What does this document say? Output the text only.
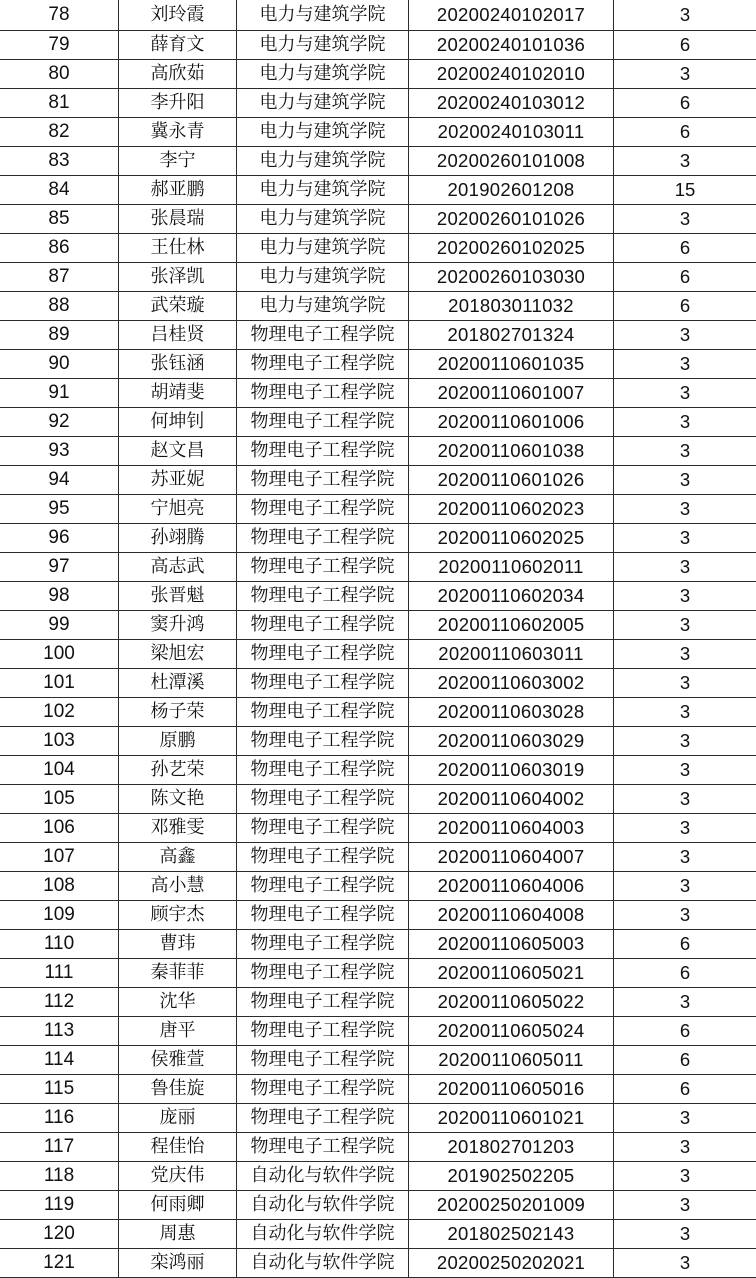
78	刘玲霞	电力与建筑学院	20200240102017	3
79	薛育文	电力与建筑学院	20200240101036	6
80	高欣茹	电力与建筑学院	20200240102010	3
81	李升阳	电力与建筑学院	20200240103012	6
82	冀永青	电力与建筑学院	20200240103011	6
83	李宁	电力与建筑学院	20200260101008	3
84	郝亚鹏	电力与建筑学院	201902601208	15
85	张晨瑞	电力与建筑学院	20200260101026	3
86	王仕林	电力与建筑学院	20200260102025	6
87	张泽凯	电力与建筑学院	20200260103030	6
88	武荣璇	电力与建筑学院	201803011032	6
89	吕桂贤	物理电子工程学院	201802701324	3
90	张钰涵	物理电子工程学院	20200110601035	3
91	胡靖斐	物理电子工程学院	20200110601007	3
92	何坤钊	物理电子工程学院	20200110601006	3
93	赵文昌	物理电子工程学院	20200110601038	3
94	苏亚妮	物理电子工程学院	20200110601026	3
95	宁旭亮	物理电子工程学院	20200110602023	3
96	孙翊腾	物理电子工程学院	20200110602025	3
97	高志武	物理电子工程学院	20200110602011	3
98	张晋魁	物理电子工程学院	20200110602034	3
99	窦升鸿	物理电子工程学院	20200110602005	3
100	梁旭宏	物理电子工程学院	20200110603011	3
101	杜潭溪	物理电子工程学院	20200110603002	3
102	杨子荣	物理电子工程学院	20200110603028	3
103	原鹏	物理电子工程学院	20200110603029	3
104	孙艺荣	物理电子工程学院	20200110603019	3
105	陈文艳	物理电子工程学院	20200110604002	3
106	邓雅雯	物理电子工程学院	20200110604003	3
107	高鑫	物理电子工程学院	20200110604007	3
108	高小慧	物理电子工程学院	20200110604006	3
109	顾宇杰	物理电子工程学院	20200110604008	3
110	曹玮	物理电子工程学院	20200110605003	6
111	秦菲菲	物理电子工程学院	20200110605021	6
112	沈华	物理电子工程学院	20200110605022	3
113	唐平	物理电子工程学院	20200110605024	6
114	侯雅萱	物理电子工程学院	20200110605011	6
115	鲁佳旋	物理电子工程学院	20200110605016	6
116	庞丽	物理电子工程学院	20200110601021	3
117	程佳怡	物理电子工程学院	201802701203	3
118	党庆伟	自动化与软件学院	201902502205	3
119	何雨卿	自动化与软件学院	20200250201009	3
120	周惠	自动化与软件学院	201802502143	3
121	栾鸿丽	自动化与软件学院	20200250202021	3
